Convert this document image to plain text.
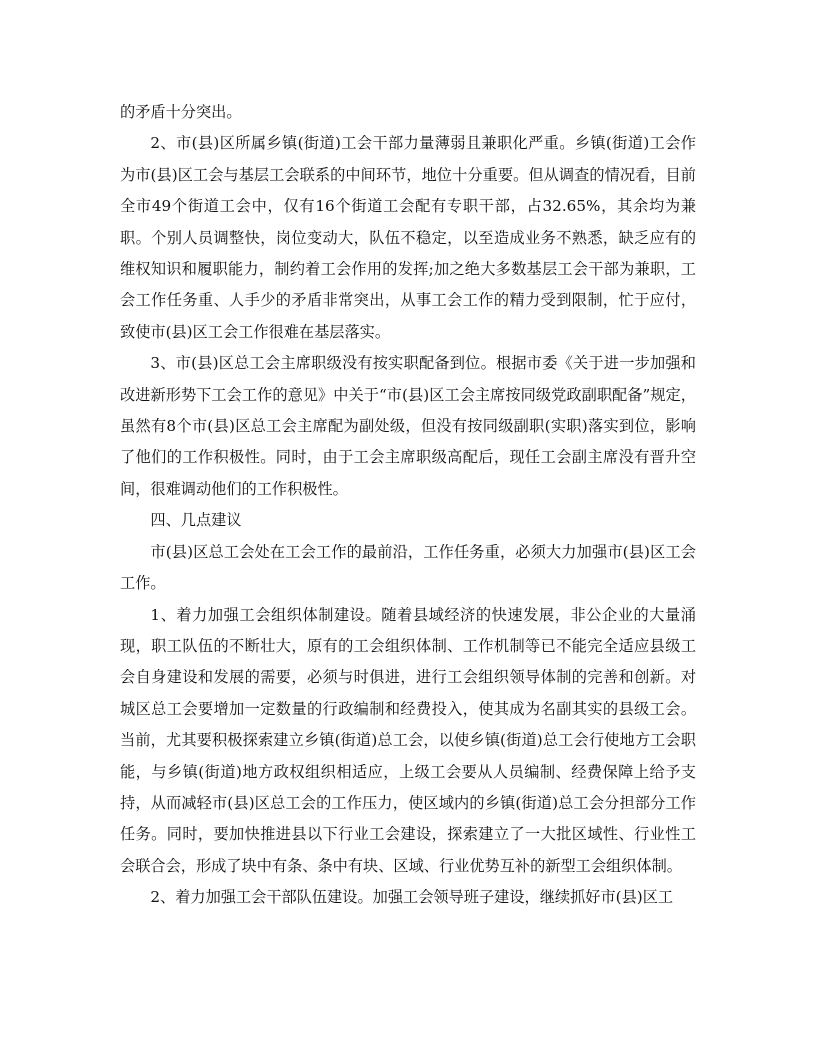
的矛盾十分突出。

2、市(县)区所属乡镇(街道)工会干部力量薄弱且兼职化严重。乡镇(街道)工会作为市(县)区工会与基层工会联系的中间环节，地位十分重要。但从调查的情况看，目前全市49个街道工会中，仅有16个街道工会配有专职干部，占32.65%，其余均为兼职。个别人员调整快，岗位变动大，队伍不稳定，以至造成业务不熟悉，缺乏应有的维权知识和履职能力，制约着工会作用的发挥;加之绝大多数基层工会干部为兼职，工会工作任务重、人手少的矛盾非常突出，从事工会工作的精力受到限制，忙于应付，致使市(县)区工会工作很难在基层落实。

3、市(县)区总工会主席职级没有按实职配备到位。根据市委《关于进一步加强和改进新形势下工会工作的意见》中关于“市(县)区工会主席按同级党政副职配备”规定，虽然有8个市(县)区总工会主席配为副处级，但没有按同级副职(实职)落实到位，影响了他们的工作积极性。同时，由于工会主席职级高配后，现任工会副主席没有晋升空间，很难调动他们的工作积极性。

四、几点建议

市(县)区总工会处在工会工作的最前沿，工作任务重，必须大力加强市(县)区工会工作。

1、着力加强工会组织体制建设。随着县域经济的快速发展，非公企业的大量涌现，职工队伍的不断壮大，原有的工会组织体制、工作机制等已不能完全适应县级工会自身建设和发展的需要，必须与时俱进，进行工会组织领导体制的完善和创新。对城区总工会要增加一定数量的行政编制和经费投入，使其成为名副其实的县级工会。当前，尤其要积极探索建立乡镇(街道)总工会，以使乡镇(街道)总工会行使地方工会职能，与乡镇(街道)地方政权组织相适应，上级工会要从人员编制、经费保障上给予支持，从而减轻市(县)区总工会的工作压力，使区域内的乡镇(街道)总工会分担部分工作任务。同时，要加快推进县以下行业工会建设，探索建立了一大批区域性、行业性工会联合会，形成了块中有条、条中有块、区域、行业优势互补的新型工会组织体制。

2、着力加强工会干部队伍建设。加强工会领导班子建设，继续抓好市(县)区工
